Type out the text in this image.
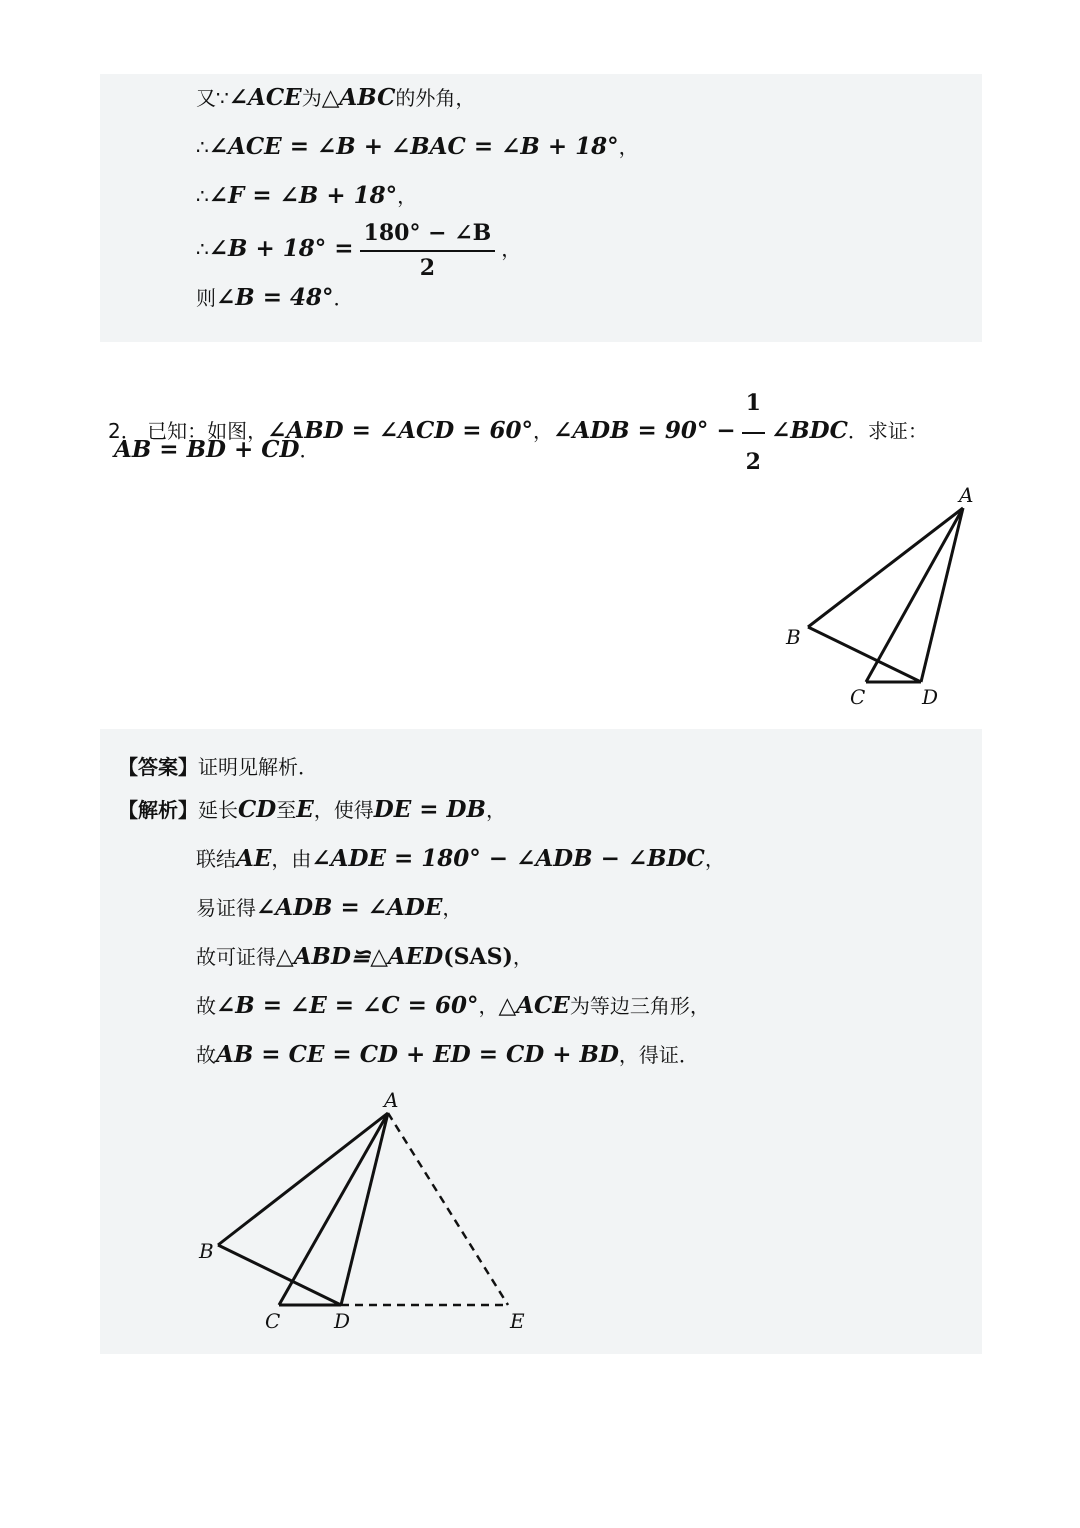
又∵∠ACE为△ABC的外角，
∴∠ACE = ∠B + ∠BAC = ∠B + 18°，
∴∠F = ∠B + 18°，
∴∠B + $18^\circ = \frac{180^\circ - \angle B}{2}$ ，
则∠B = 48°．
2． 已知：如图，∠ABD = ∠ACD = 60°，∠ADB = $90^\circ - \frac{1}{2}$ ∠BDC．求证：
AB = BD + CD．
A
B
C	D
【答案】证明见解析．
【解析】延长CD至E，使得DE = DB，
联结AE，由∠ADE = 180° − ∠ADB − ∠BDC，
易证得∠ADB = ∠ADE，
故可证得△ABD≌△AED(SAS)，
故∠B = ∠E = ∠C = 60°，△ACE为等边三角形，
故AB = CE = CD + ED = CD + BD，得证．
A
B
C	D	E
